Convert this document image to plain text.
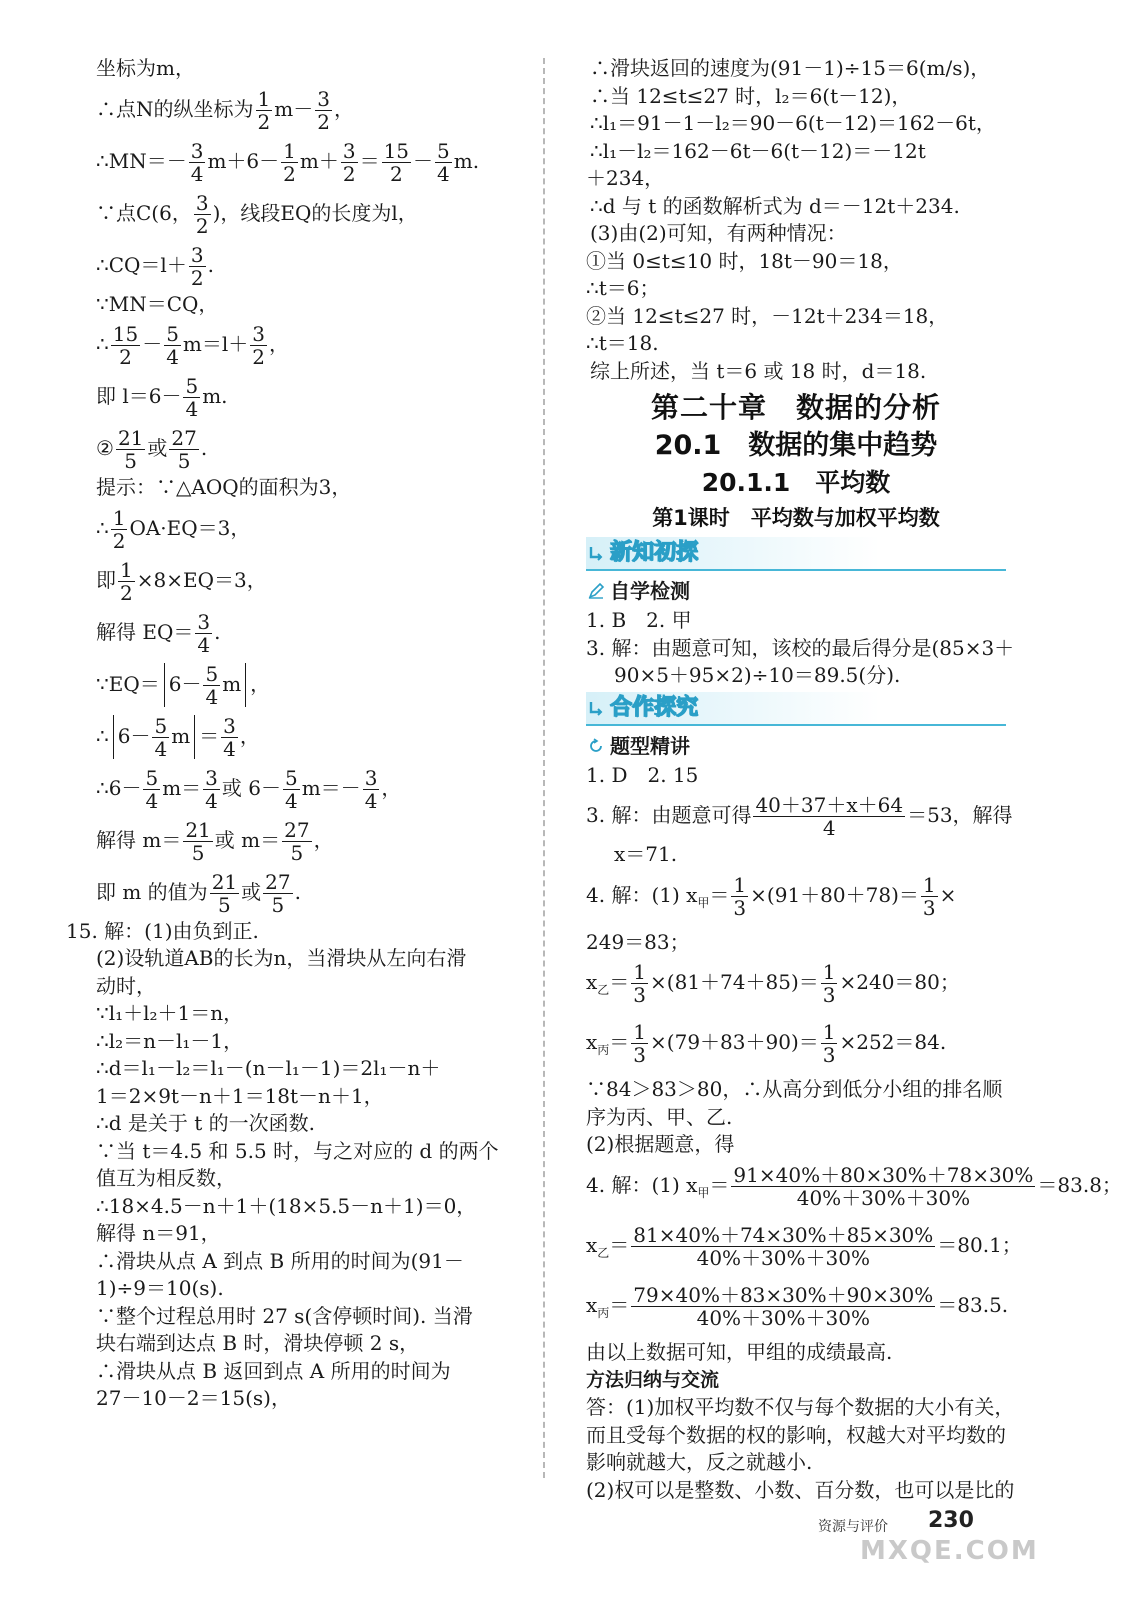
坐标为m，
∴点N的纵坐标为 $\frac{1}{2} m- \frac{3}{2}$ ，
∴MN＝－ $\frac{3}{4} m+6- \frac{1}{2} m+ \frac{3}{2} = \frac{15}{2} - \frac{5}{4} m$.
∵点C(6， $\frac{3}{2}$ )，线段EQ的长度为l，
∴CQ＝l＋ $\frac{3}{2}$ .
∵MN＝CQ，
∴ $\frac{15}{2} - \frac{5}{4} m=l+ \frac{3}{2}$ ，
即 $l=6- \frac{5}{4} m$.
② $\frac{21}{5}$ 或 $\frac{27}{5}$ .
提示：∵△AOQ的面积为3，
∴ $\frac{1}{2} OA\cdot EQ=3$，
即 $\frac{1}{2} \times 8\times EQ=3$，
解得 $EQ= \frac{3}{4}$ .
∵EQ＝ $6- \frac{5}{4}$ m ，
∴ $6- \frac{5}{4}$ $m = \frac{3}{4}$ ，
∴6－ $\frac{5}{4} m= \frac{3}{4}$ 或 $6- \frac{5}{4} m=- \frac{3}{4}$ ，
解得 $m= \frac{21}{5}$ 或 $m= \frac{27}{5}$ ，
即 m 的值为 $\frac{21}{5}$ 或 $\frac{27}{5}$ .
15. 解：(1)由负到正.
(2)设轨道AB的长为n，当滑块从左向右滑
动时，
∵l₁＋l₂＋1＝n，
∴l₂＝n－l₁－1，
∴d＝l₁－l₂＝l₁－(n－l₁－1)＝2l₁－n＋
1＝2×9t－n＋1＝18t－n＋1，
∴d 是关于 t 的一次函数.
∵当 t＝4.5 和 5.5 时，与之对应的 d 的两个
值互为相反数，
∴18×4.5－n＋1＋(18×5.5－n＋1)＝0，
解得 n＝91，
∴滑块从点 A 到点 B 所用的时间为(91－
1)÷9＝10(s).
∵整个过程总用时 27 s(含停顿时间). 当滑
块右端到达点 B 时，滑块停顿 2 s，
∴滑块从点 B 返回到点 A 所用的时间为
27－10－2＝15(s)，
∴滑块返回的速度为(91－1)÷15＝6(m/s)，
∴当 12≤t≤27 时，l₂＝6(t－12)，
∴l₁＝91－1－l₂＝90－6(t－12)＝162－6t，
∴l₁－l₂＝162－6t－6(t－12)＝－12t
＋234，
∴d 与 t 的函数解析式为 d＝－12t＋234.
(3)由(2)可知，有两种情况：
①当 0≤t≤10 时，18t－90＝18，
∴t＝6；
②当 12≤t≤27 时，－12t＋234＝18，
∴t＝18.
综上所述，当 t＝6 或 18 时，d＝18.
第二十章　数据的分析
20.1　数据的集中趋势
20.1.1　平均数
第1课时　平均数与加权平均数
新知初探
自学检测
1. B　2. 甲
3. 解：由题意可知，该校的最后得分是(85×3＋
90×5＋95×2)÷10＝89.5(分).
合作探究
题型精讲
1. D　2. 15
3. 解：由题意可得 $\frac{40+37+x+64}{4} =53$，解得
x＝71.
4. 解：(1) $x_甲= \frac{1}{3} \times(91+80+78)= \frac{1}{3}$ ×
249＝83；
$x_乙= \frac{1}{3} \times(81+74+85)= \frac{1}{3} \times 240=80$；
$x_丙= \frac{1}{3} \times(79+83+90)= \frac{1}{3} \times 252=84$.
∵84＞83＞80，∴从高分到低分小组的排名顺
序为丙、甲、乙.
(2)根据题意，得
4. 解：(1) $x_甲= \frac{91\times 40\%+80\times 30\%+78\times 30\%}{40\%+30\%+30\%} =83.8$；
$x_乙= \frac{81\times 40\%+74\times 30\%+85\times 30\%}{40\%+30\%+30\%} =80.1$；
$x_丙= \frac{79\times 40\%+83\times 30\%+90\times 30\%}{40\%+30\%+30\%} =83.5$.
由以上数据可知，甲组的成绩最高.
方法归纳与交流
答：(1)加权平均数不仅与每个数据的大小有关，
而且受每个数据的权的影响，权越大对平均数的
影响就越大，反之就越小.
(2)权可以是整数、小数、百分数，也可以是比的
资源与评价 230
MXQE.COM
